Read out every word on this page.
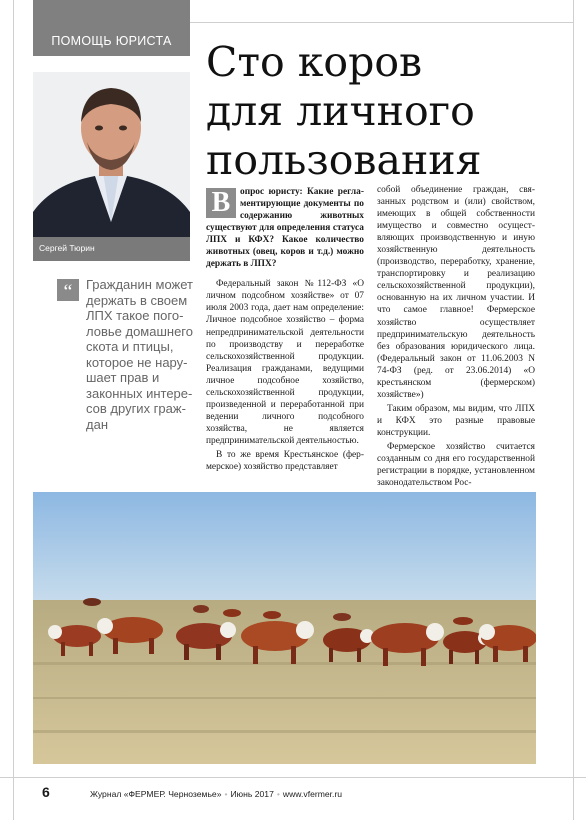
ПОМОЩЬ ЮРИСТА Сто коров
для личного
пользования
Сергей Тюрин
“	Гражданин может держать в своем ЛПХ такое поголовье домашнего скота и птицы, которое не нарушает прав и законных интересов других граждан

В	опрос юристу: Какие регламентирующие документы по содержанию животных существуют для определения статуса ЛПХ и КФХ? Какое количество животных (овец, коров и т.д.) можно держать в ЛПХ?

Федеральный закон №112-ФЗ «О личном подсобном хозяйстве» от 07 июля 2003 года, дает нам определение: Личное подсобное хозяйство – форма непредпринимательской деятельности по производству и переработке сельскохозяйственной продукции. Реализация гражданами, ведущими личное подсобное хозяйство, сельскохозяйственной продукции, произведенной и переработанной при ведении личного подсобного хозяйства, не является предпринимательской деятельностью.

В то же время Крестьянское (фермерское) хозяйство представляет

собой объединение граждан, связанных родством и (или) свойством, имеющих в общей собственности имущество и совместно осуществляющих производственную и иную хозяйственную деятельность (производство, переработку, хранение, транспортировку и реализацию сельскохозяйственной продукции), основанную на их личном участии. И что самое главное! Фермерское хозяйство осуществляет предпринимательскую деятельность без образования юридического лица. (Федеральный закон от 11.06.2003 N 74-ФЗ (ред. от 23.06.2014) «О крестьянском (фермерском) хозяйстве»)

Таким образом, мы видим, что ЛПХ и КФХ это разные правовые конструкции.

Фермерское хозяйство считается созданным со дня его государственной регистрации в порядке, установленном законодательством Рос-

6	Журнал «ФЕРМЕР. Черноземье» • Июнь 2017 • www.vfermer.ru
